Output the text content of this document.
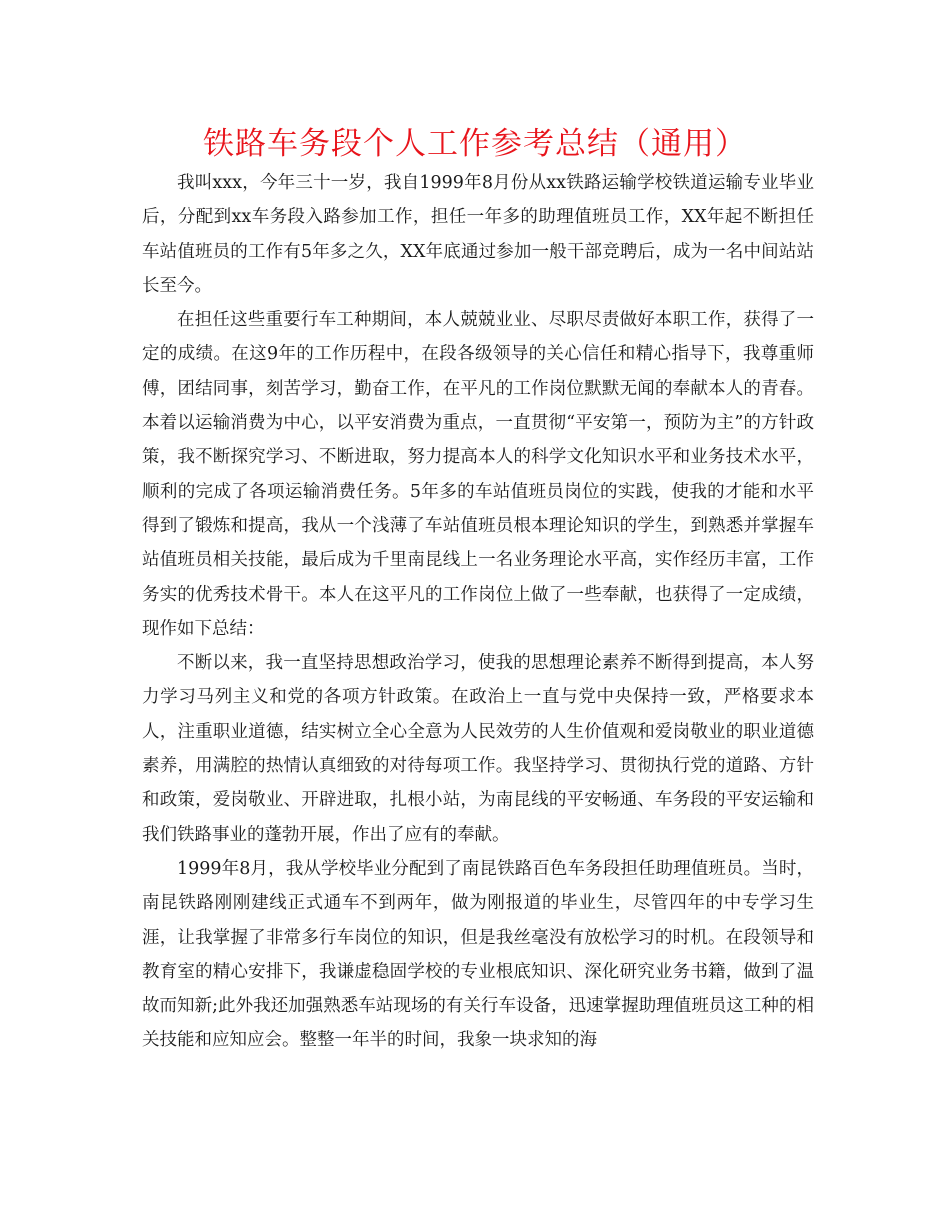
铁路车务段个人工作参考总结（通用）

我叫xxx，今年三十一岁，我自1999年8月份从xx铁路运输学校铁道运输专业毕业后，分配到xx车务段入路参加工作，担任一年多的助理值班员工作，XX年起不断担任车站值班员的工作有5年多之久，XX年底通过参加一般干部竞聘后，成为一名中间站站长至今。

在担任这些重要行车工种期间，本人兢兢业业、尽职尽责做好本职工作，获得了一定的成绩。在这9年的工作历程中，在段各级领导的关心信任和精心指导下，我尊重师傅，团结同事，刻苦学习，勤奋工作，在平凡的工作岗位默默无闻的奉献本人的青春。本着以运输消费为中心，以平安消费为重点，一直贯彻“平安第一，预防为主”的方针政策，我不断探究学习、不断进取，努力提高本人的科学文化知识水平和业务技术水平，顺利的完成了各项运输消费任务。5年多的车站值班员岗位的实践，使我的才能和水平得到了锻炼和提高，我从一个浅薄了车站值班员根本理论知识的学生，到熟悉并掌握车站值班员相关技能，最后成为千里南昆线上一名业务理论水平高，实作经历丰富，工作务实的优秀技术骨干。本人在这平凡的工作岗位上做了一些奉献，也获得了一定成绩，现作如下总结：

不断以来，我一直坚持思想政治学习，使我的思想理论素养不断得到提高，本人努力学习马列主义和党的各项方针政策。在政治上一直与党中央保持一致，严格要求本人，注重职业道德，结实树立全心全意为人民效劳的人生价值观和爱岗敬业的职业道德素养，用满腔的热情认真细致的对待每项工作。我坚持学习、贯彻执行党的道路、方针和政策，爱岗敬业、开辟进取，扎根小站，为南昆线的平安畅通、车务段的平安运输和我们铁路事业的蓬勃开展，作出了应有的奉献。

1999年8月，我从学校毕业分配到了南昆铁路百色车务段担任助理值班员。当时，南昆铁路刚刚建线正式通车不到两年，做为刚报道的毕业生，尽管四年的中专学习生涯，让我掌握了非常多行车岗位的知识，但是我丝毫没有放松学习的时机。在段领导和教育室的精心安排下，我谦虚稳固学校的专业根底知识、深化研究业务书籍，做到了温故而知新;此外我还加强熟悉车站现场的有关行车设备，迅速掌握助理值班员这工种的相关技能和应知应会。整整一年半的时间，我象一块求知的海
